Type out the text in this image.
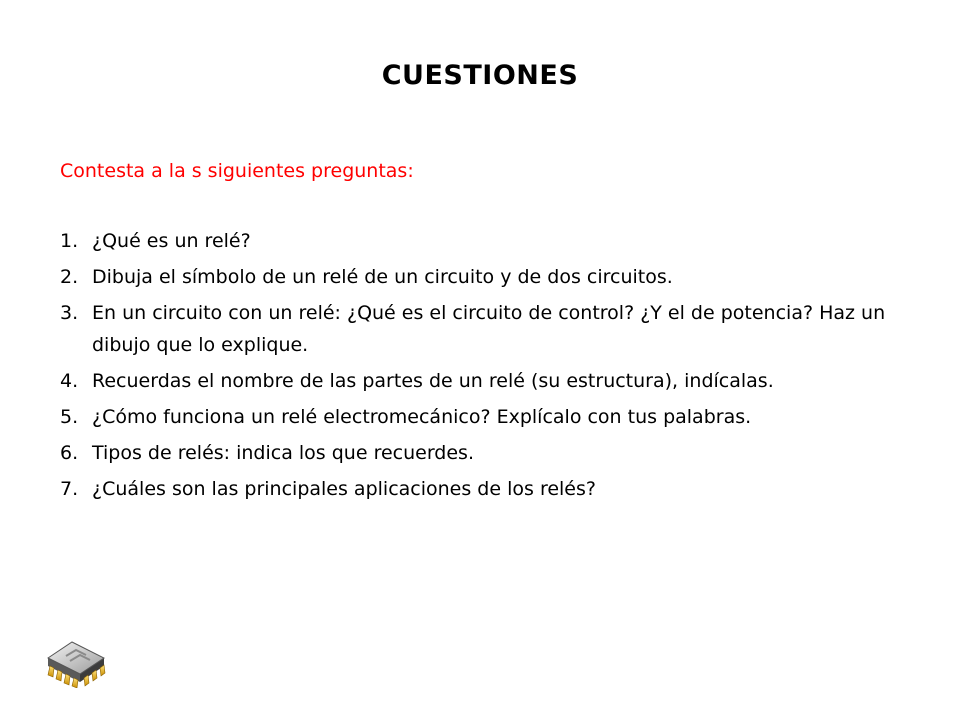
CUESTIONES
Contesta a la s siguientes preguntas:
1. ¿Qué es un relé?
2. Dibuja el símbolo de un relé de un circuito y de dos circuitos.
3. En un circuito con un relé: ¿Qué es el circuito de control? ¿Y el de potencia? Haz un dibujo que lo explique.
4. Recuerdas el nombre de las partes de un relé (su estructura), indícalas.
5. ¿Cómo funciona un relé electromecánico? Explícalo con tus palabras.
6. Tipos de relés: indica los que recuerdes.
7. ¿Cuáles son las principales aplicaciones de los relés?
